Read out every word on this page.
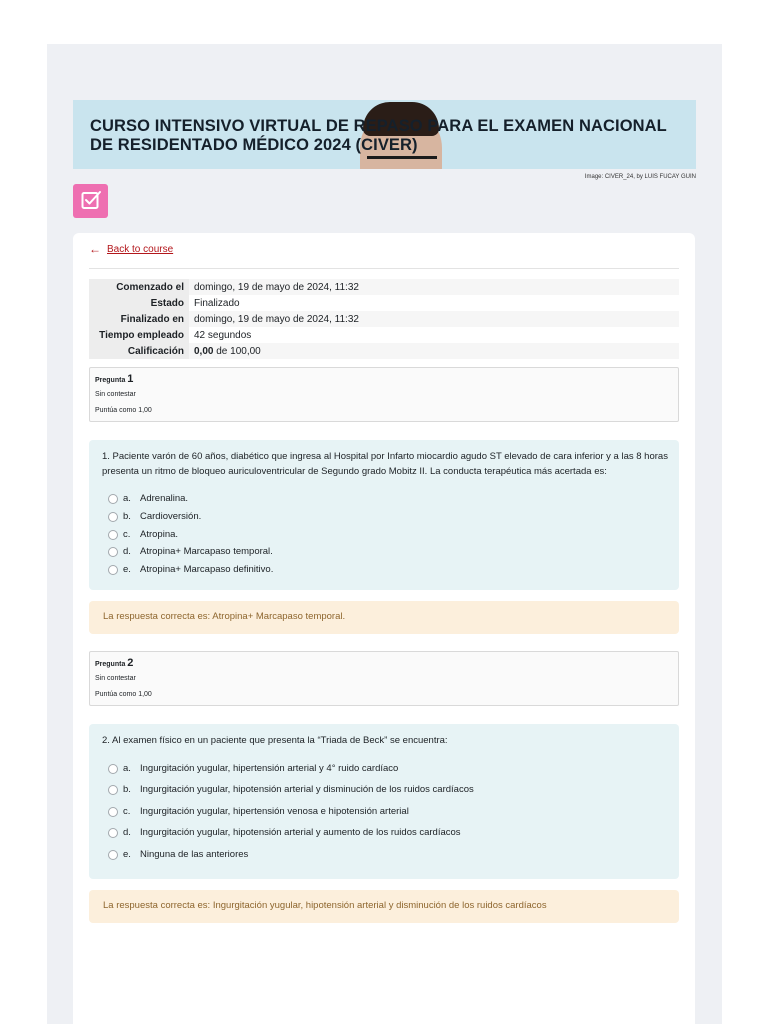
CURSO INTENSIVO VIRTUAL DE REPASO PARA EL EXAMEN NACIONAL DE RESIDENTADO MÉDICO 2024 (CIVER)
Image: CIVER_24, by LUIS FUCAY GUIN
← Back to course
Comenzado el	domingo, 19 de mayo de 2024, 11:32
Estado	Finalizado
Finalizado en	domingo, 19 de mayo de 2024, 11:32
Tiempo empleado	42 segundos
Calificación	0,00 de 100,00
Pregunta 1
Sin contestar
Puntúa como 1,00
1. Paciente varón de 60 años, diabético que ingresa al Hospital por Infarto miocardio agudo ST elevado de cara inferior y a las 8 horas presenta un ritmo de bloqueo auriculoventricular de Segundo grado Mobitz II. La conducta terapéutica más acertada es:
a. Adrenalina.
b. Cardioversión.
c. Atropina.
d. Atropina+ Marcapaso temporal.
e. Atropina+ Marcapaso definitivo.
La respuesta correcta es: Atropina+ Marcapaso temporal.
Pregunta 2
Sin contestar
Puntúa como 1,00
2. Al examen físico en un paciente que presenta la “Triada de Beck” se encuentra:
a. Ingurgitación yugular, hipertensión arterial y 4° ruido cardíaco
b. Ingurgitación yugular, hipotensión arterial y disminución de los ruidos cardíacos
c. Ingurgitación yugular, hipertensión venosa e hipotensión arterial
d. Ingurgitación yugular, hipotensión arterial y aumento de los ruidos cardíacos
e. Ninguna de las anteriores
La respuesta correcta es: Ingurgitación yugular, hipotensión arterial y disminución de los ruidos cardíacos
